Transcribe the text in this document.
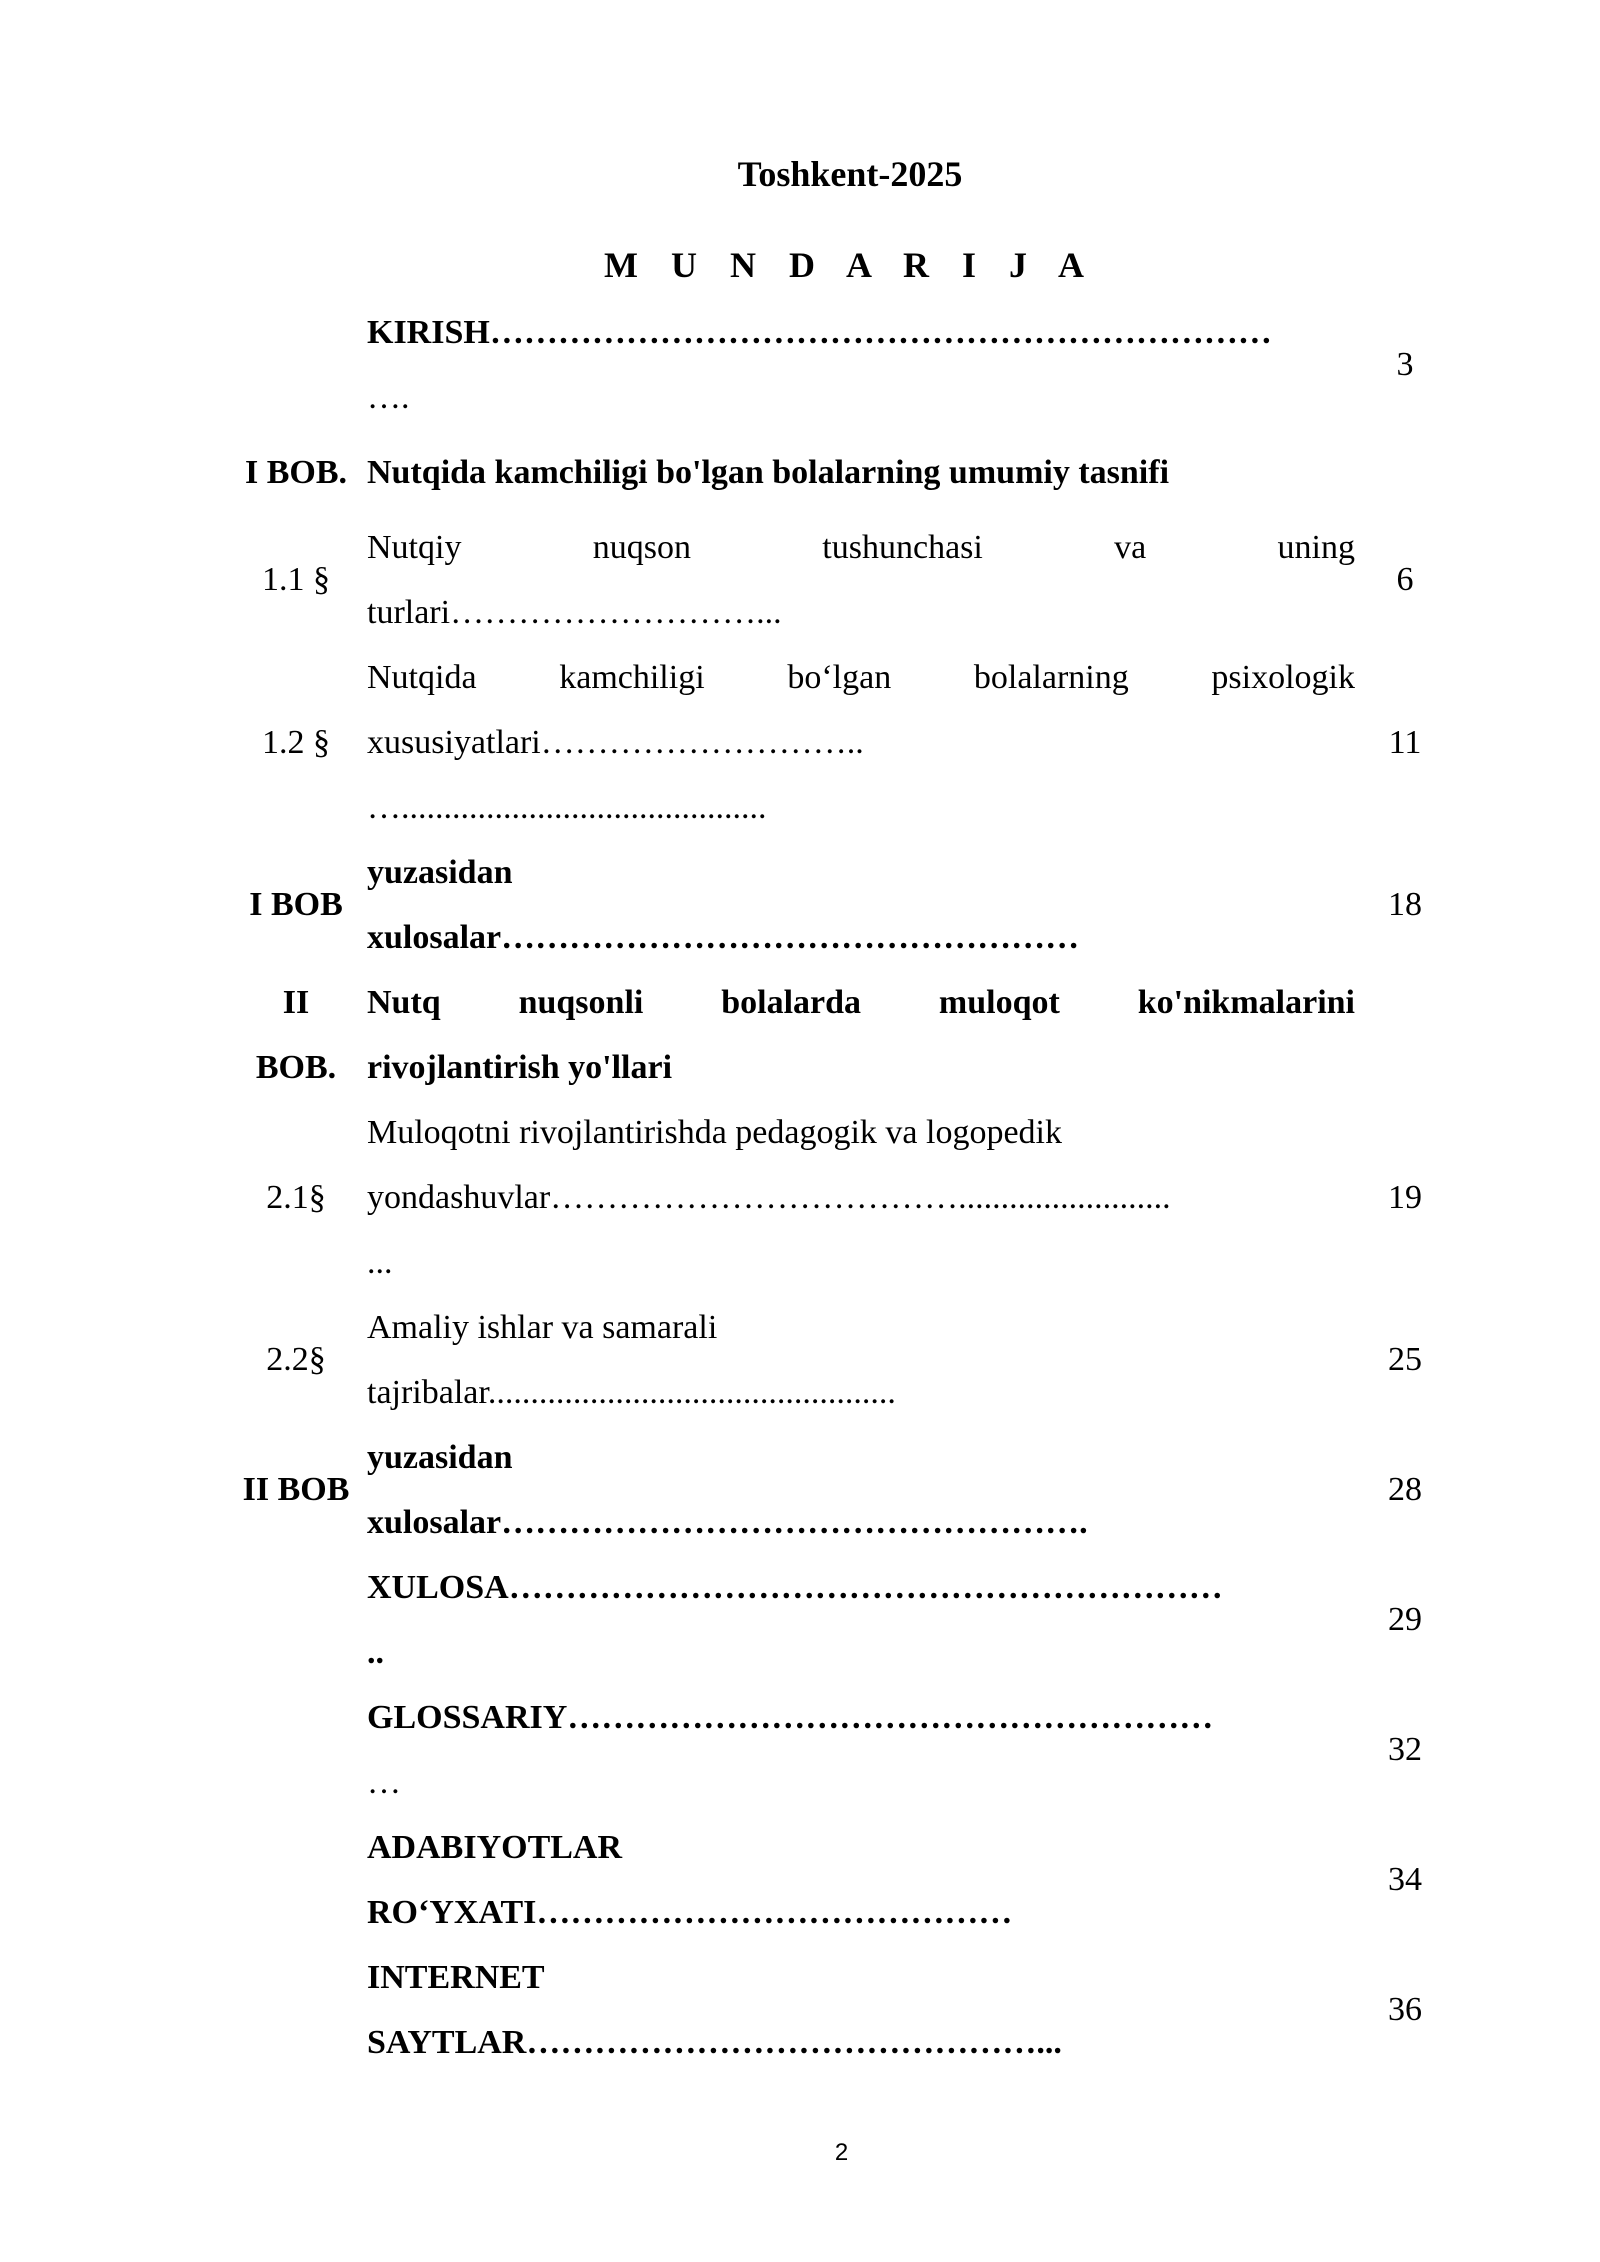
Toshkent-2025
M U N D A R I J A
KIRISH……………………………………………………………
….
3
I BOB. Nutqida kamchiligi bo'lgan bolalarning umumiy tasnifi
1.1 §
Nutqiy nuqson tushunchasi va uning
turlari………………………...
6
1.2 §
Nutqida kamchiligi bo‘lgan bolalarning psixologik
xususiyatlari………………………..
…...........................................
11
I BOB
yuzasidan
xulosalar……………………………………………
18
II
BOB.
Nutq nuqsonli bolalarda muloqot ko'nikmalarini
rivojlantirish yo'llari
2.1§
Muloqotni rivojlantirishda pedagogik va logopedik
yondashuvlar……………………………….........................
...
19
2.2§
Amaliy ishlar va samarali
tajribalar................................................
25
II BOB
yuzasidan
xulosalar…………………………………………….
28
XULOSA………………………………………………………
..
29
GLOSSARIY…………………………………………………
…
32
ADABIYOTLAR
RO‘YXATI……………………………………
34
INTERNET
SAYTLAR………………………………………...
36
2
